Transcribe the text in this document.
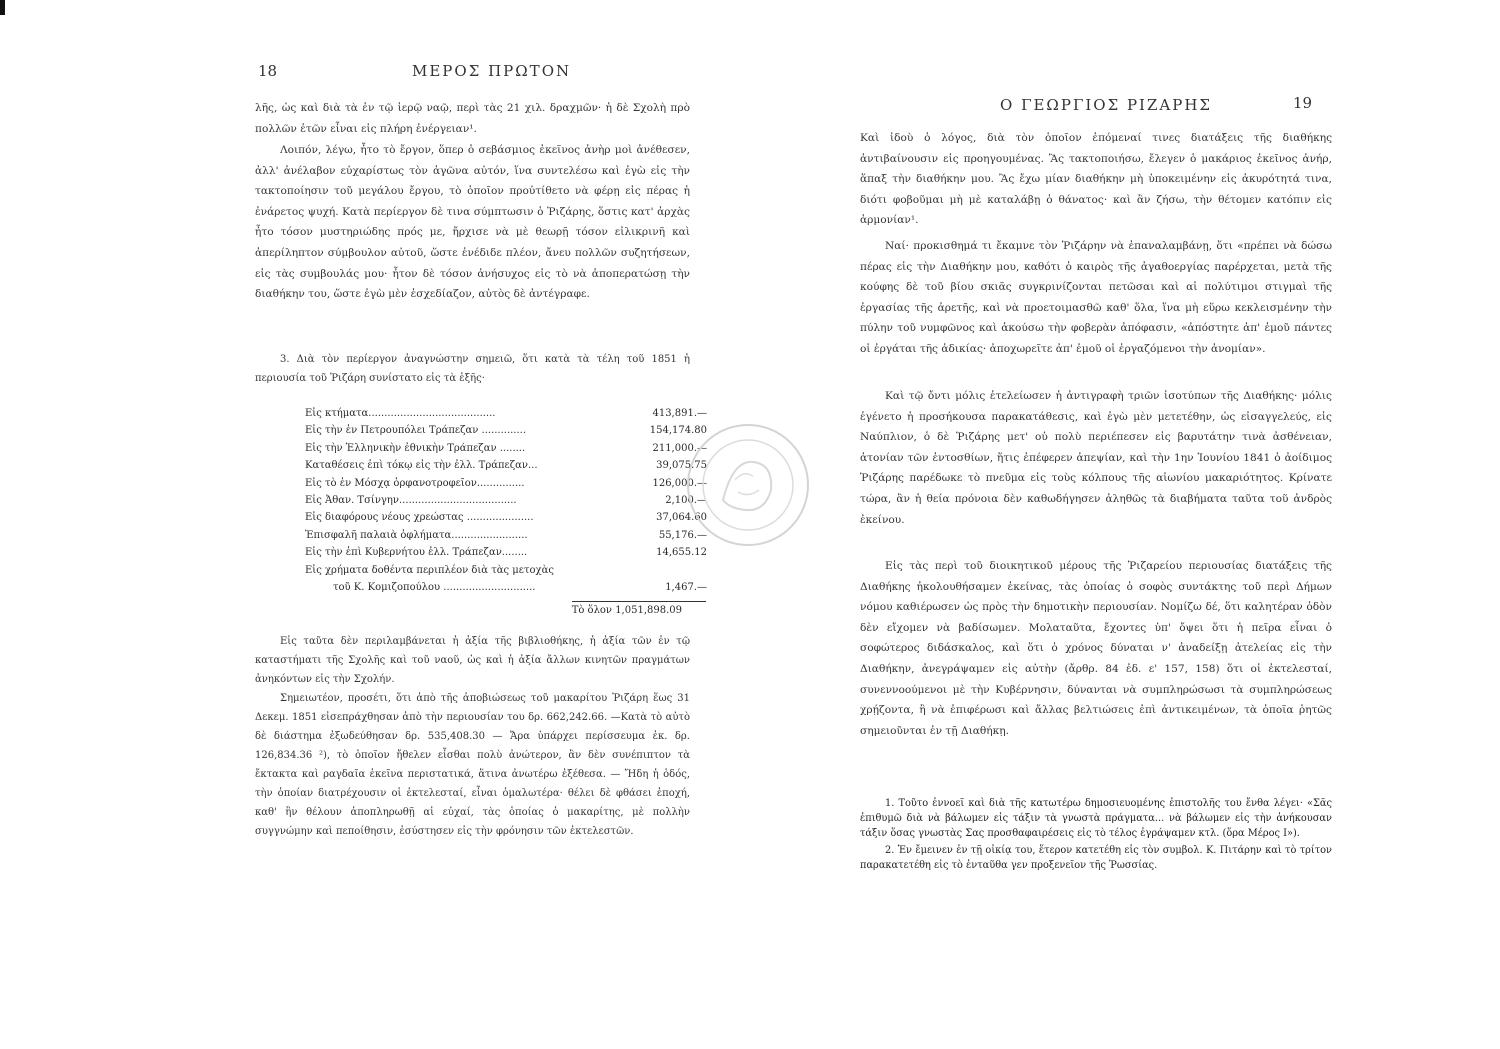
18	ΜΕΡΟΣ ΠΡΩΤΟΝ

λῆς, ὡς καὶ διὰ τὰ ἐν τῷ ἱερῷ ναῷ, περὶ τὰς 21 χιλ. δραχμῶν· ἡ δὲ Σχολὴ πρὸ πολλῶν ἐτῶν εἶναι εἰς πλήρη ἐνέργειαν¹.

Λοιπόν, λέγω, ἦτο τὸ ἔργον, ὅπερ ὁ σεβάσμιος ἐκεῖνος ἀνὴρ μοὶ ἀνέθεσεν, ἀλλ' ἀνέλαβον εὐχαρίστως τὸν ἀγῶνα αὐτόν, ἵνα συντελέσω καὶ ἐγὼ εἰς τὴν τακτοποίησιν τοῦ μεγάλου ἔργου, τὸ ὁποῖον προὐτίθετο νὰ φέρῃ εἰς πέρας ἡ ἐνάρετος ψυχή. Κατὰ περίεργον δὲ τινα σύμπτωσιν ὁ Ῥιζάρης, ὅστις κατ' ἀρχὰς ἦτο τόσον μυστηριώδης πρός με, ἤρχισε νὰ μὲ θεωρῇ τόσον εἰλικρινῆ καὶ ἀπερίληπτον σύμβουλον αὐτοῦ, ὥστε ἐνέδιδε πλέον, ἄνευ πολλῶν συζητήσεων, εἰς τὰς συμβουλάς μου· ἦτον δὲ τόσον ἀνήσυχος εἰς τὸ νὰ ἀποπερατώσῃ τὴν διαθήκην του, ὥστε ἐγὼ μὲν ἐσχεδίαζον, αὐτὸς δὲ ἀντέγραφε.

3. Διὰ τὸν περίεργον ἀναγνώστην σημειῶ, ὅτι κατὰ τὰ τέλη τοῦ 1851 ἡ περιουσία τοῦ Ῥιζάρη συνίστατο εἰς τὰ ἑξῆς·

Εἰς κτήματα........................................	413,891.—
Εἰς τὴν ἐν Πετρουπόλει Τράπεζαν ..............	154,174.80
Εἰς τὴν Ἑλληνικὴν ἐθνικὴν Τράπεζαν ........	211,000.—
Καταθέσεις ἐπὶ τόκῳ εἰς τὴν ἐλλ. Τράπεζαν...	39,075.75
Εἰς τὸ ἐν Μόσχᾳ ὀρφανοτροφεῖον...............	126,000.—
Εἰς Ἀθαν. Τσίνγην.....................................	2,100.—
Εἰς διαφόρους νέους χρεώστας .....................	37,064.60
Ἐπισφαλῆ παλαιὰ ὀφλήματα........................	55,176.—
Εἰς τὴν ἐπὶ Κυβερνήτου ἐλλ. Τράπεζαν........	14,655.12
Εἰς χρήματα δοθέντα περιπλέον διὰ τὰς μετοχὰς
τοῦ Κ. Κομιζοπούλου .............................	1,467.—
Τὸ ὅλον 1,051,898.09

Εἰς ταῦτα δὲν περιλαμβάνεται ἡ ἀξία τῆς βιβλιοθήκης, ἡ ἀξία τῶν ἐν τῷ καταστήματι τῆς Σχολῆς καὶ τοῦ ναοῦ, ὡς καὶ ἡ ἀξία ἄλλων κινητῶν πραγμάτων ἀνηκόντων εἰς τὴν Σχολήν.

Σημειωτέον, προσέτι, ὅτι ἀπὸ τῆς ἀποβιώσεως τοῦ μακαρίτου Ῥιζάρη ἕως 31 Δεκεμ. 1851 εἰσεπράχθησαν ἀπὸ τὴν περιουσίαν του δρ. 662,242.66. —Κατὰ τὸ αὐτὸ δὲ διάστημα ἐξωδεύθησαν δρ. 535,408.30 — Ἄρα ὑπάρχει περίσσευμα ἐκ. δρ. 126,834.36 ²), τὸ ὁποῖον ἤθελεν εἶσθαι πολὺ ἀνώτερον, ἂν δὲν συνέπιπτον τὰ ἔκτακτα καὶ ραγδαῖα ἐκεῖνα περιστατικά, ἅτινα ἀνωτέρω ἐξέθεσα. — Ἤδη ἡ ὁδός, τὴν ὁποίαν διατρέχουσιν οἱ ἐκτελεσταί, εἶναι ὁμαλωτέρα· θέλει δὲ φθάσει ἐποχή, καθ' ἣν θέλουν ἀποπληρωθῇ αἱ εὐχαί, τὰς ὁποίας ὁ μακαρίτης, μὲ πολλὴν συγγνώμην καὶ πεποίθησιν, ἐσύστησεν εἰς τὴν φρόνησιν τῶν ἐκτελεστῶν.

Ο ΓΕΩΡΓΙΟΣ ΡΙΖΑΡΗΣ	19

Καὶ ἰδοὺ ὁ λόγος, διὰ τὸν ὁποῖον ἐπόμεναί τινες διατάξεις τῆς διαθήκης ἀντιβαίνουσιν εἰς προηγουμένας. Ἂς τακτοποιήσω, ἔλεγεν ὁ μακάριος ἐκεῖνος ἀνήρ, ἅπαξ τὴν διαθήκην μου. Ἂς ἔχω μίαν διαθήκην μὴ ὑποκειμένην εἰς ἀκυρότητά τινα, διότι φοβοῦμαι μὴ μὲ καταλάβῃ ὁ θάνατος· καὶ ἂν ζήσω, τὴν θέτομεν κατόπιν εἰς ἁρμονίαν¹.

Ναί· προκισθημά τι ἔκαμνε τὸν Ῥιζάρην νὰ ἐπαναλαμβάνῃ, ὅτι «πρέπει νὰ δώσω πέρας εἰς τὴν Διαθήκην μου, καθότι ὁ καιρὸς τῆς ἀγαθοεργίας παρέρχεται, μετὰ τῆς κούφης δὲ τοῦ βίου σκιᾶς συγκρινίζονται πετῶσαι καὶ αἱ πολύτιμοι στιγμαὶ τῆς ἐργασίας τῆς ἀρετῆς, καὶ νὰ προετοιμασθῶ καθ' ὅλα, ἵνα μὴ εὕρω κεκλεισμένην τὴν πύλην τοῦ νυμφῶνος καὶ ἀκούσω τὴν φοβερὰν ἀπόφασιν, «ἀπόστητε ἀπ' ἐμοῦ πάντες οἱ ἐργάται τῆς ἀδικίας· ἀποχωρεῖτε ἀπ' ἐμοῦ οἱ ἐργαζόμενοι τὴν ἀνομίαν».

Καὶ τῷ ὄντι μόλις ἐτελείωσεν ἡ ἀντιγραφὴ τριῶν ἰσοτύπων τῆς Διαθήκης· μόλις ἐγένετο ἡ προσήκουσα παρακατάθεσις, καὶ ἐγὼ μὲν μετετέθην, ὡς εἰσαγγελεύς, εἰς Ναύπλιον, ὁ δὲ Ῥιζάρης μετ' οὐ πολὺ περιέπεσεν εἰς βαρυτάτην τινὰ ἀσθένειαν, ἀτονίαν τῶν ἐντοσθίων, ἥτις ἐπέφερεν ἀπεψίαν, καὶ τὴν 1ην Ἰουνίου 1841 ὁ ἀοίδιμος Ῥιζάρης παρέδωκε τὸ πνεῦμα εἰς τοὺς κόλπους τῆς αἰωνίου μακαριότητος. Κρίνατε τώρα, ἂν ἡ θεία πρόνοια δὲν καθωδήγησεν ἀληθῶς τὰ διαβήματα ταῦτα τοῦ ἀνδρὸς ἐκείνου.

Εἰς τὰς περὶ τοῦ διοικητικοῦ μέρους τῆς Ῥιζαρείου περιουσίας διατάξεις τῆς Διαθήκης ἠκολουθήσαμεν ἐκείνας, τὰς ὁποίας ὁ σοφὸς συντάκτης τοῦ περὶ Δήμων νόμου καθιέρωσεν ὡς πρὸς τὴν δημοτικὴν περιουσίαν. Νομίζω δέ, ὅτι καλητέραν ὁδὸν δὲν εἴχομεν νὰ βαδίσωμεν. Μολαταῦτα, ἔχοντες ὑπ' ὄψει ὅτι ἡ πεῖρα εἶναι ὁ σοφώτερος διδάσκαλος, καὶ ὅτι ὁ χρόνος δύναται ν' ἀναδείξῃ ἀτελείας εἰς τὴν Διαθήκην, ἀνεγράψαμεν εἰς αὐτὴν (ἄρθρ. 84 ἐδ. ε' 157, 158) ὅτι οἱ ἐκτελεσταί, συνεννοούμενοι μὲ τὴν Κυβέρνησιν, δύνανται νὰ συμπληρώσωσι τὰ συμπληρώσεως χρῄζοντα, ἢ νὰ ἐπιφέρωσι καὶ ἄλλας βελτιώσεις ἐπὶ ἀντικειμένων, τὰ ὁποῖα ῥητῶς σημειοῦνται ἐν τῇ Διαθήκῃ.

1. Τοῦτο ἐννοεῖ καὶ διὰ τῆς κατωτέρω δημοσιευομένης ἐπιστολῆς του ἔνθα λέγει· «Σᾶς ἐπιθυμῶ διὰ νὰ βάλωμεν εἰς τάξιν τὰ γνωστὰ πράγματα... νὰ βάλωμεν εἰς τὴν ἀνήκουσαν τάξιν ὅσας γνωστὰς Σας προσθαφαιρέσεις εἰς τὸ τέλος ἐγράψαμεν κτλ. (ὅρα Μέρος Ι»).

2. Ἐν ἔμεινεν ἐν τῇ οἰκίᾳ του, ἕτερον κατετέθη εἰς τὸν συμβολ. Κ. Πιτάρην καὶ τὸ τρίτον παρακατετέθη εἰς τὸ ἐνταῦθα γεν προξενεῖον τῆς Ῥωσσίας.
